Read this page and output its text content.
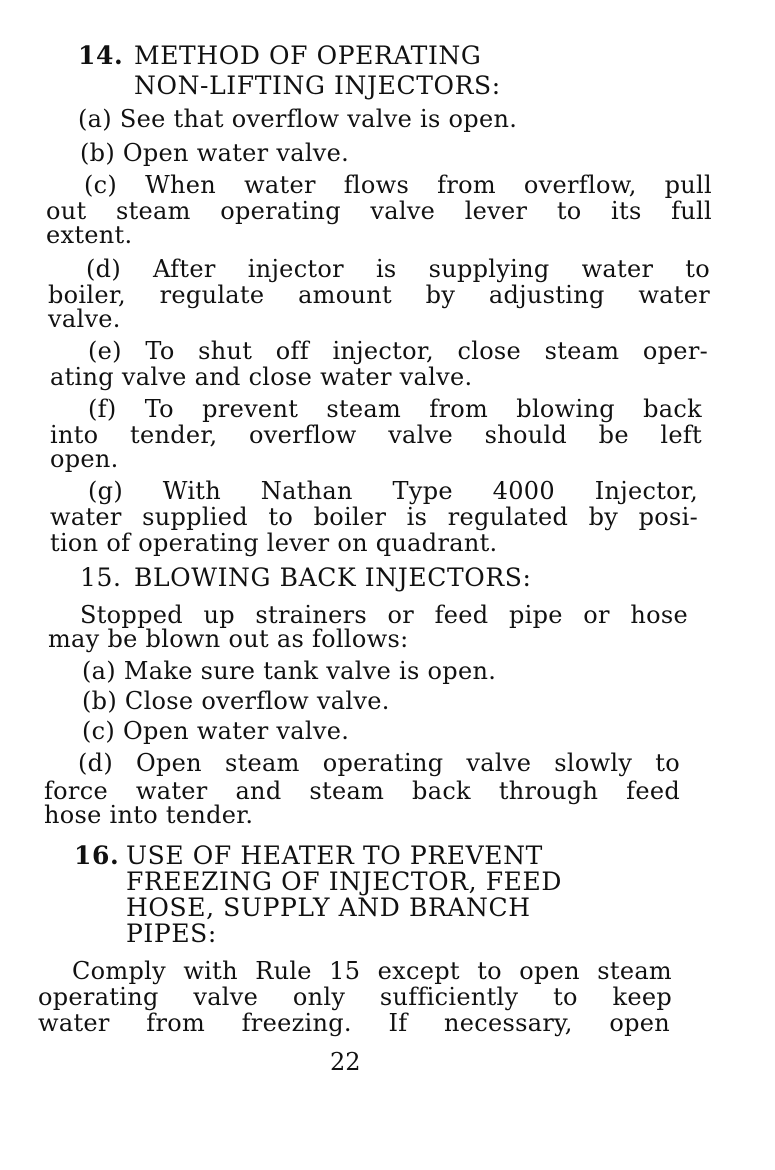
14. METHOD OF OPERATING
NON-LIFTING INJECTORS:
(a) See that overflow valve is open.
(b) Open water valve.
(c) When water flows from overflow, pull
out steam operating valve lever to its full
extent.
(d) After injector is supplying water to
boiler, regulate amount by adjusting water
valve.
(e) To shut off injector, close steam oper-
ating valve and close water valve.
(f) To prevent steam from blowing back
into tender, overflow valve should be left
open.
(g) With Nathan Type 4000 Injector,
water supplied to boiler is regulated by posi-
tion of operating lever on quadrant.
15. BLOWING BACK INJECTORS:
Stopped up strainers or feed pipe or hose
may be blown out as follows:
(a) Make sure tank valve is open.
(b) Close overflow valve.
(c) Open water valve.
(d) Open steam operating valve slowly to
force water and steam back through feed
hose into tender.
16. USE OF HEATER TO PREVENT
FREEZING OF INJECTOR, FEED
HOSE, SUPPLY AND BRANCH
PIPES:
Comply with Rule 15 except to open steam
operating valve only sufficiently to keep
water from freezing. If necessary, open
22
